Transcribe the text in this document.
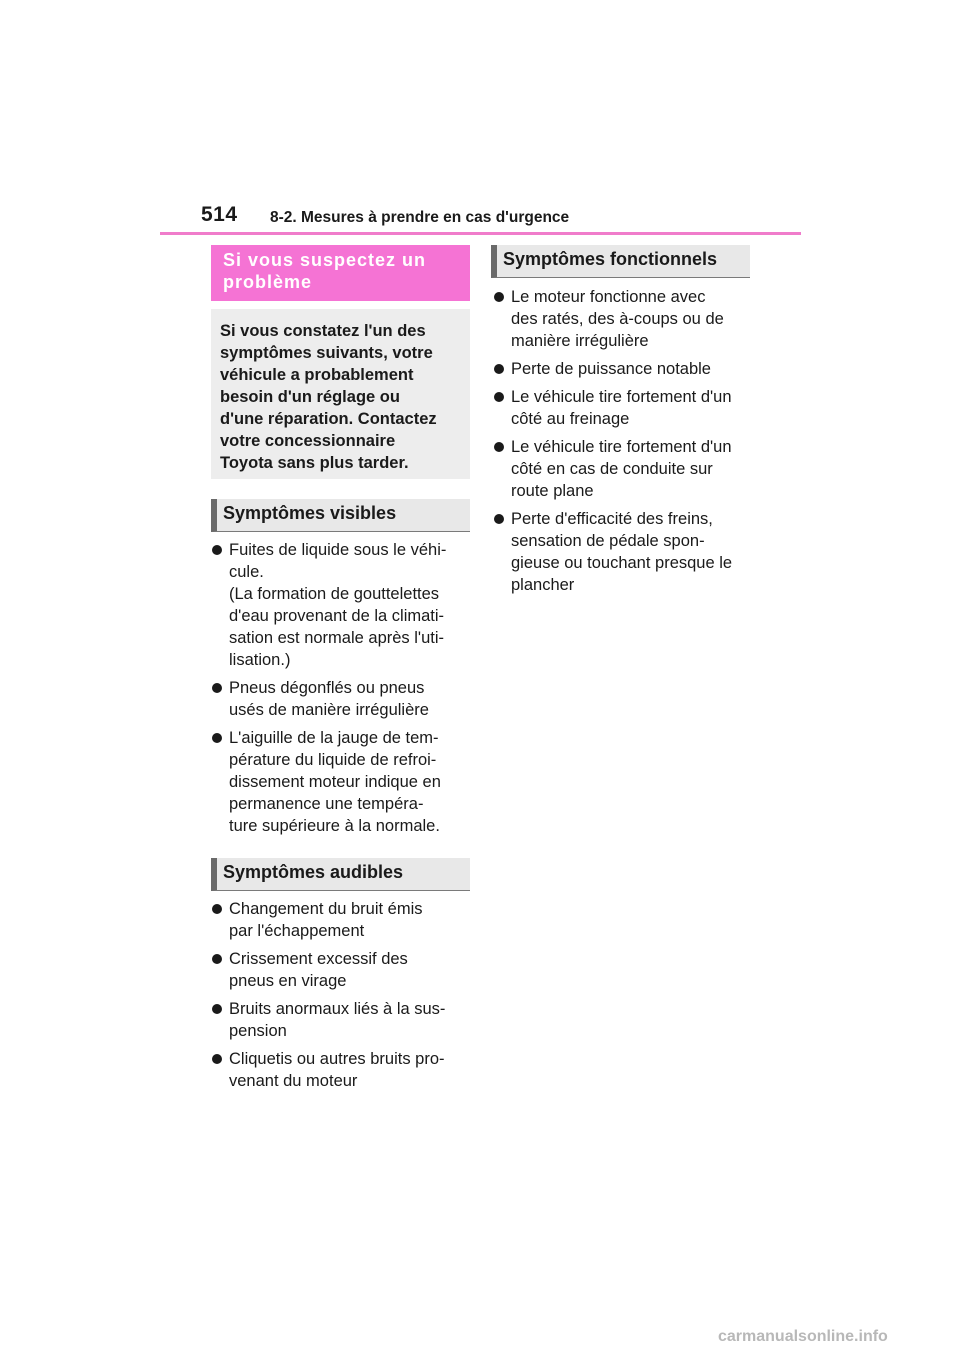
514 8-2. Mesures à prendre en cas d'urgence
Si vous suspectez un
problème

Si vous constatez l'un des
symptômes suivants, votre
véhicule a probablement
besoin d'un réglage ou
d'une réparation. Contactez
votre concessionnaire
Toyota sans plus tarder.

Symptômes visibles
Fuites de liquide sous le véhi-
cule.
(La formation de gouttelettes
d'eau provenant de la climati-
sation est normale après l'uti-
lisation.)
Pneus dégonflés ou pneus
usés de manière irrégulière
L'aiguille de la jauge de tem-
pérature du liquide de refroi-
dissement moteur indique en
permanence une tempéra-
ture supérieure à la normale.
Symptômes audibles
Changement du bruit émis
par l'échappement
Crissement excessif des
pneus en virage
Bruits anormaux liés à la sus-
pension
Cliquetis ou autres bruits pro-
venant du moteur
Symptômes fonctionnels
Le moteur fonctionne avec
des ratés, des à-coups ou de
manière irrégulière
Perte de puissance notable
Le véhicule tire fortement d'un
côté au freinage
Le véhicule tire fortement d'un
côté en cas de conduite sur
route plane
Perte d'efficacité des freins,
sensation de pédale spon-
gieuse ou touchant presque le
plancher
carmanualsonline.info
